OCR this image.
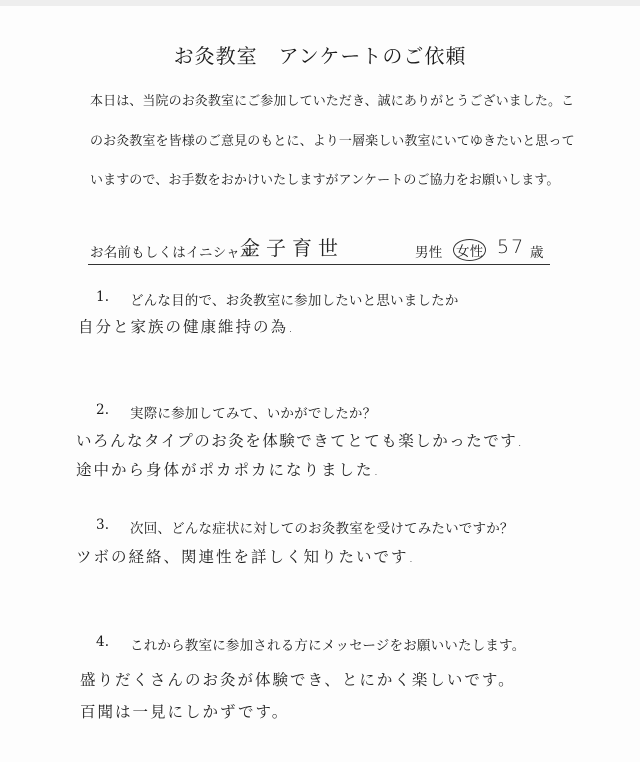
お灸教室　アンケートのご依頼
本日は、当院のお灸教室にご参加していただき、誠にありがとうございました。こ
のお灸教室を皆様のご意見のもとに、より一層楽しい教室にいてゆきたいと思って
いますので、お手数をおかけいたしますがアンケートのご協力をお願いします。
お名前もしくはイニシャル
金子育世	男性 女性 57 歳
1. どんな目的で、お灸教室に参加したいと思いましたか
自分と家族の健康維持の為.
2. 実際に参加してみて、いかがでしたか？
いろんなタイプのお灸を体験できてとても楽しかったです.
途中から身体がポカポカになりました.
3. 次回、どんな症状に対してのお灸教室を受けてみたいですか？
ツボの経絡、関連性を詳しく知りたいです.
4. これから教室に参加される方にメッセージをお願いいたします。
盛りだくさんのお灸が体験でき、とにかく楽しいです。
百聞は一見にしかずです。
